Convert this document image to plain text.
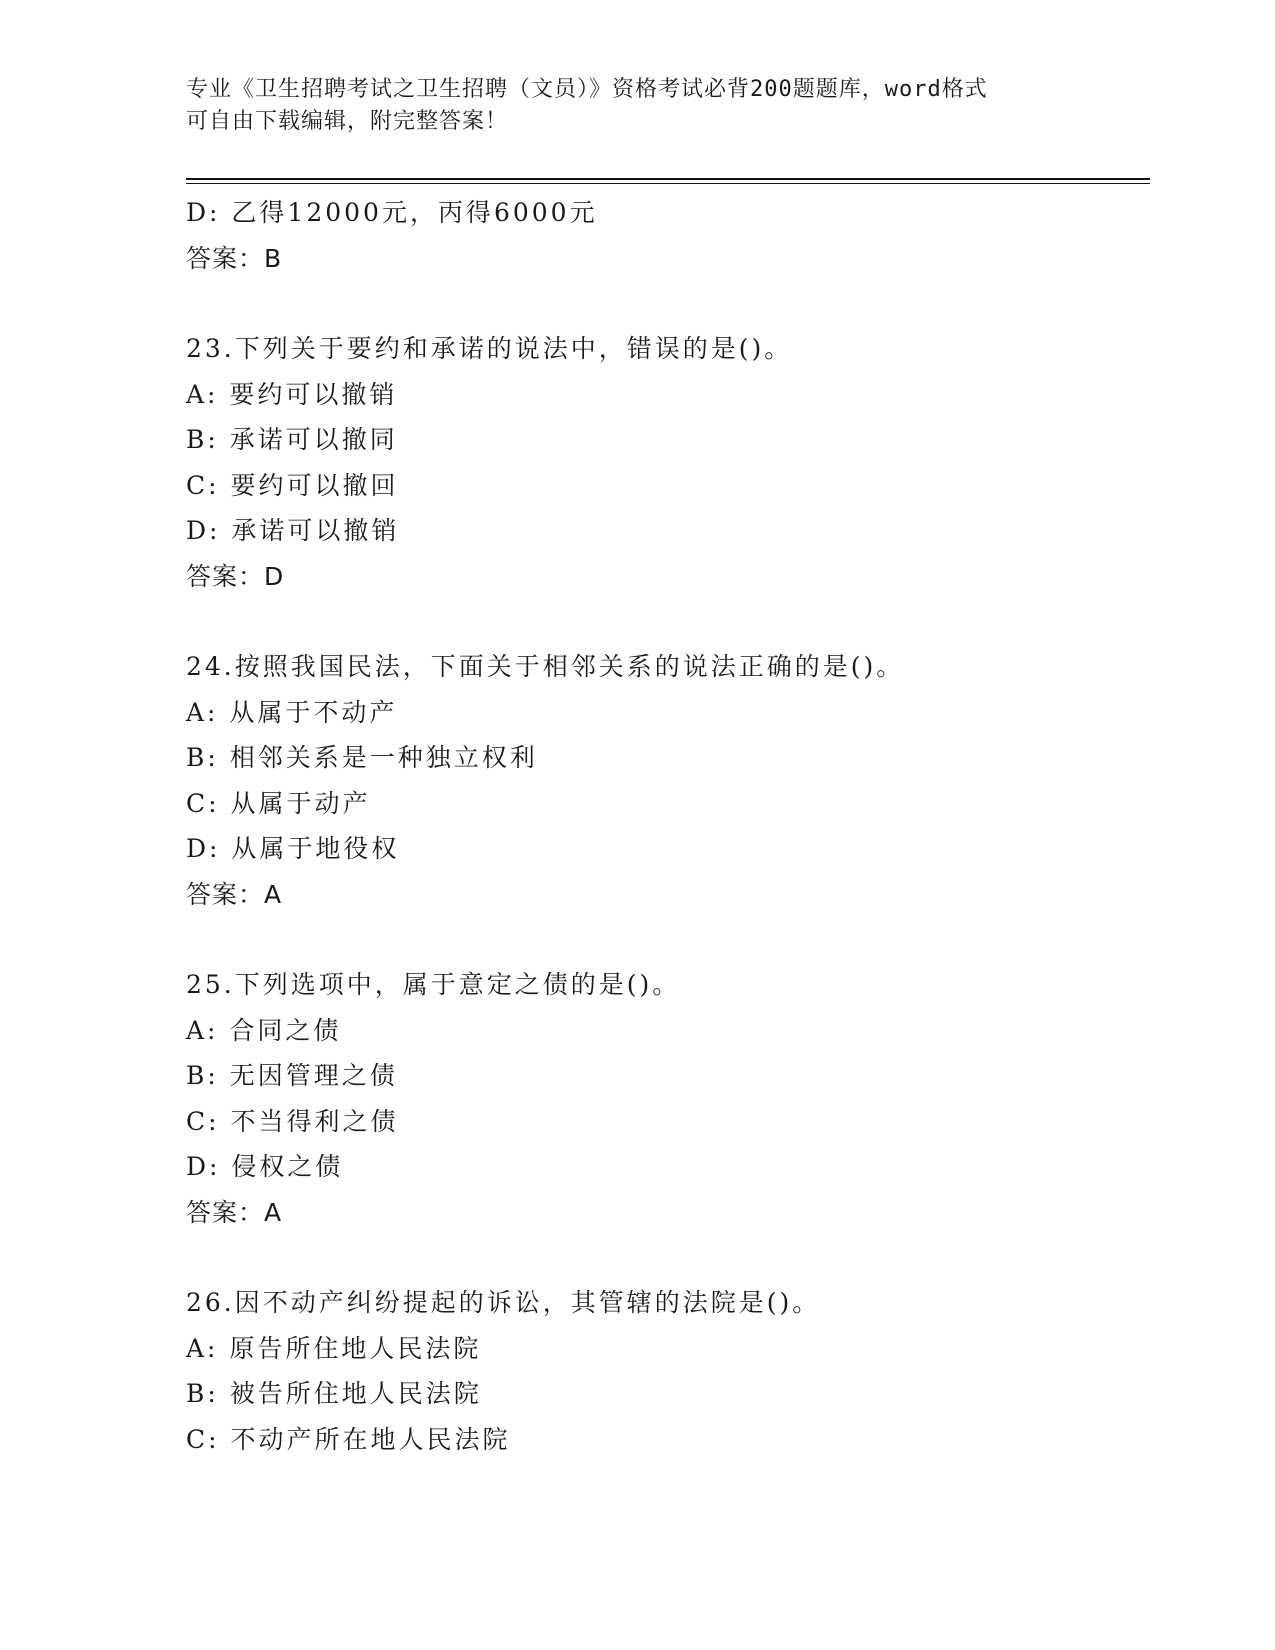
专业《卫生招聘考试之卫生招聘（文员）》资格考试必背200题题库，word格式
可自由下载编辑，附完整答案！
D: 乙得12000元，丙得6000元
答案：B
23.下列关于要约和承诺的说法中，错误的是()。
A: 要约可以撤销
B: 承诺可以撤同
C: 要约可以撤回
D: 承诺可以撤销
答案：D
24.按照我国民法，下面关于相邻关系的说法正确的是()。
A: 从属于不动产
B: 相邻关系是一种独立权利
C: 从属于动产
D: 从属于地役权
答案：A
25.下列选项中，属于意定之债的是()。
A: 合同之债
B: 无因管理之债
C: 不当得利之债
D: 侵权之债
答案：A
26.因不动产纠纷提起的诉讼，其管辖的法院是()。
A: 原告所住地人民法院
B: 被告所住地人民法院
C: 不动产所在地人民法院
